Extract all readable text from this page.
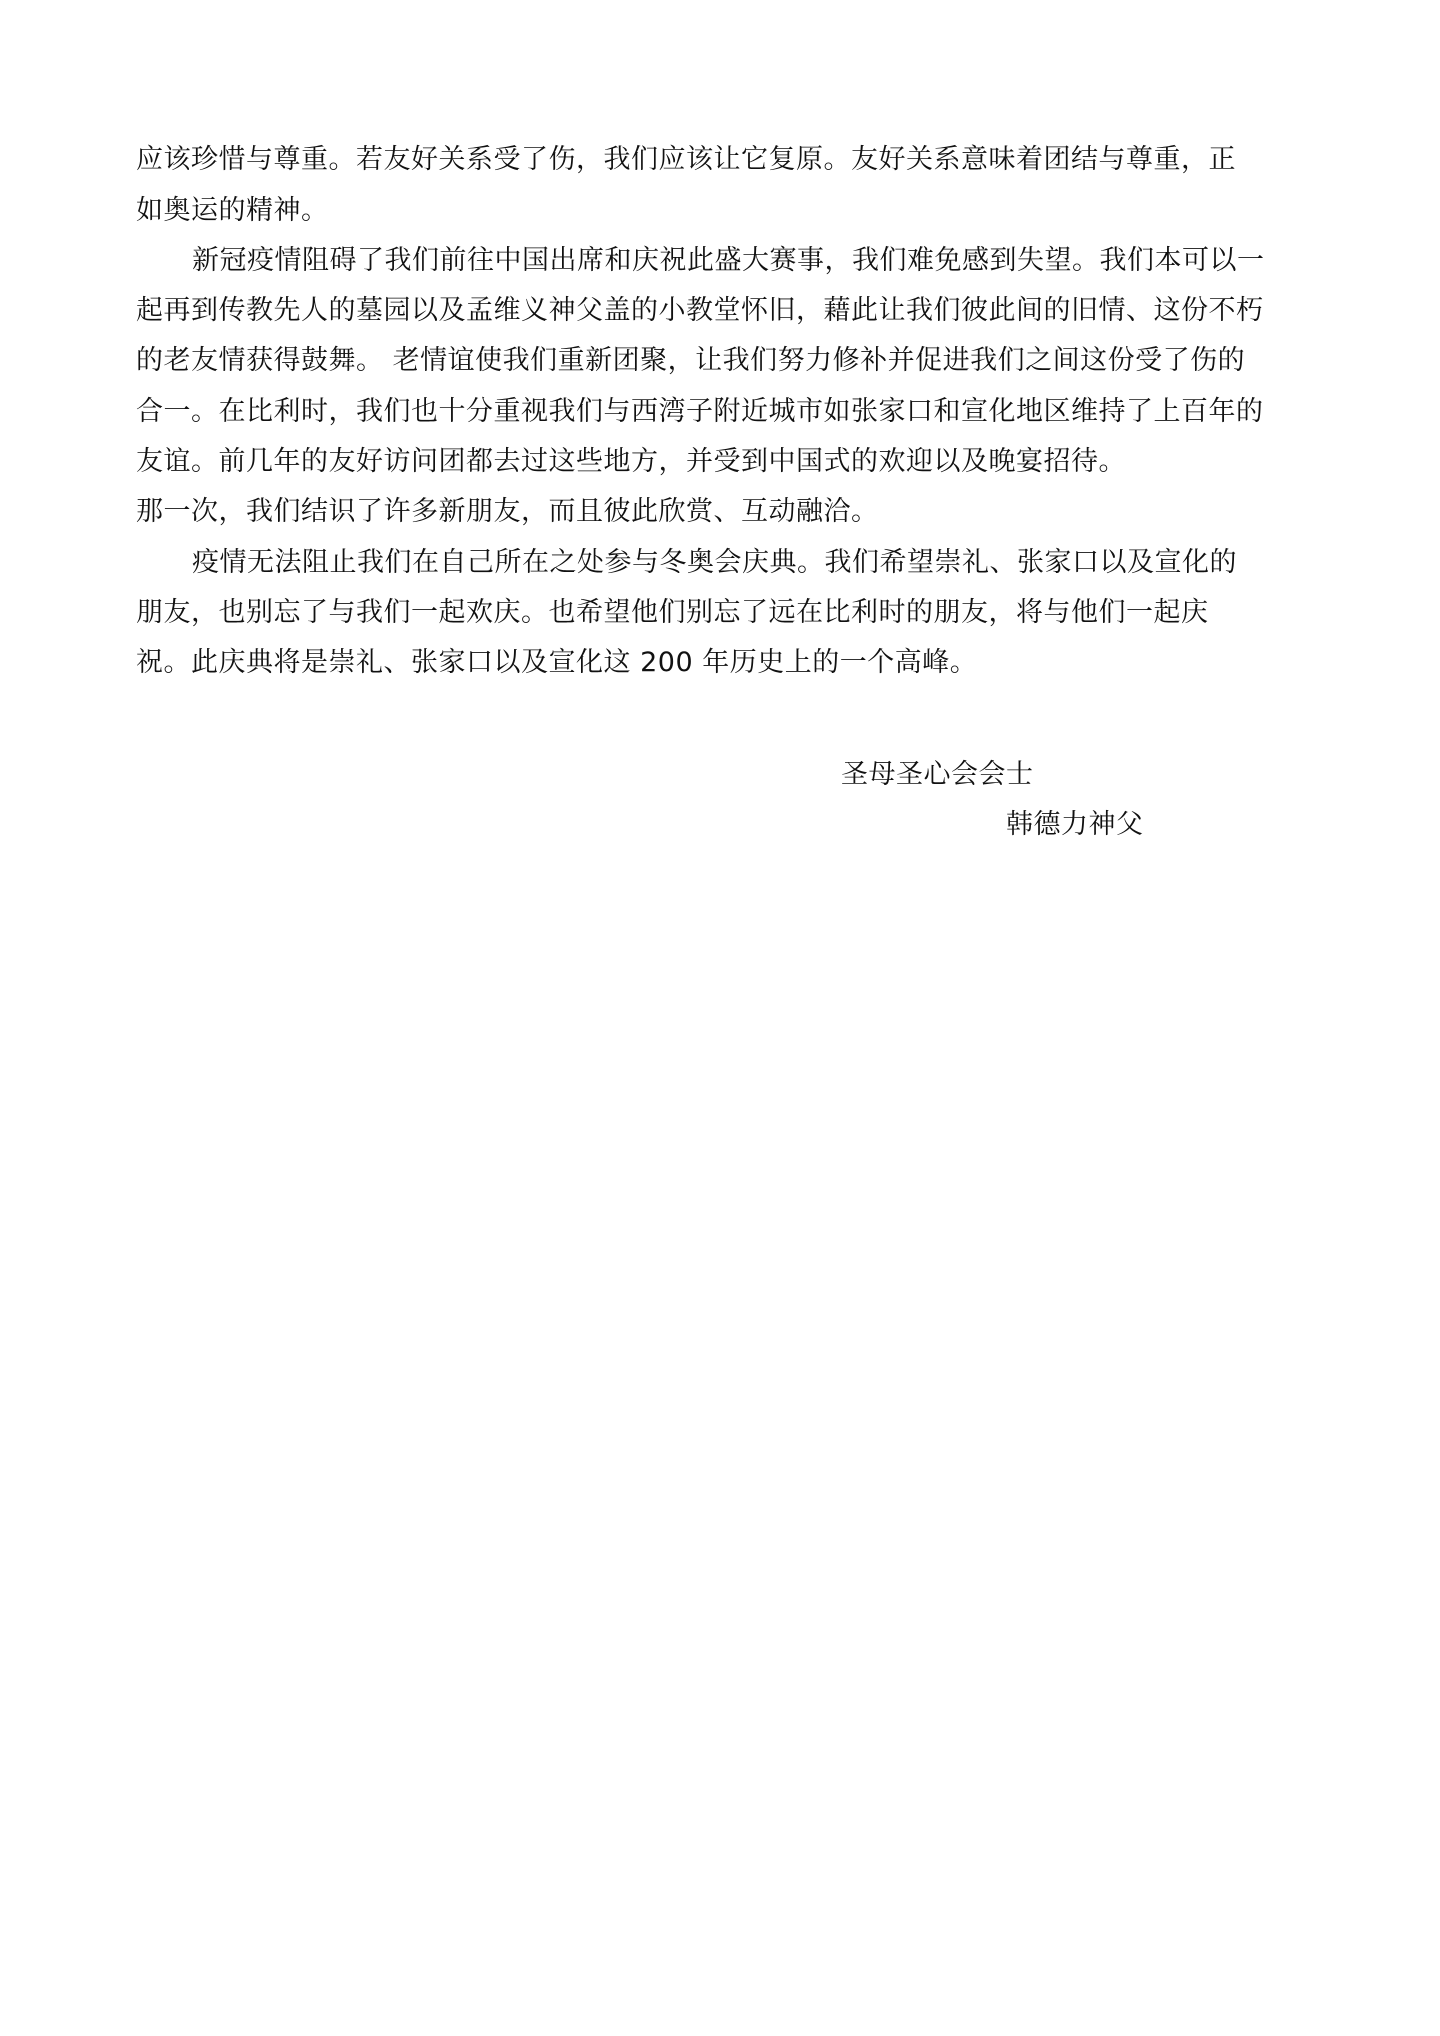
应该珍惜与尊重。若友好关系受了伤，我们应该让它复原。友好关系意味着团结与尊重，正
如奥运的精神。
新冠疫情阻碍了我们前往中国出席和庆祝此盛大赛事，我们难免感到失望。我们本可以一
起再到传教先人的墓园以及孟维义神父盖的小教堂怀旧，藉此让我们彼此间的旧情、这份不朽
的老友情获得鼓舞。 老情谊使我们重新团聚，让我们努力修补并促进我们之间这份受了伤的
合一。在比利时，我们也十分重视我们与西湾子附近城市如张家口和宣化地区维持了上百年的
友谊。前几年的友好访问团都去过这些地方，并受到中国式的欢迎以及晚宴招待。
那一次，我们结识了许多新朋友，而且彼此欣赏、互动融洽。
疫情无法阻止我们在自己所在之处参与冬奥会庆典。我们希望崇礼、张家口以及宣化的
朋友，也别忘了与我们一起欢庆。也希望他们别忘了远在比利时的朋友，将与他们一起庆
祝。此庆典将是崇礼、张家口以及宣化这 200 年历史上的一个高峰。
圣母圣心会会士
韩德力神父
